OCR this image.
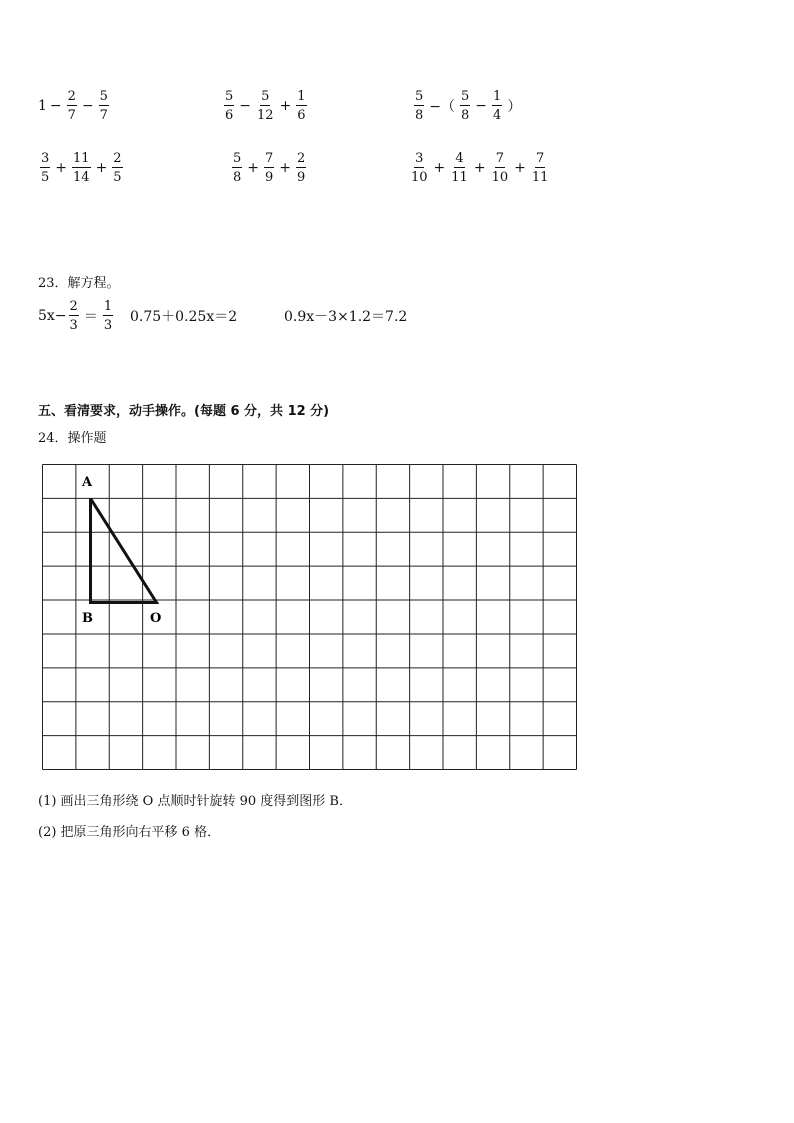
$1 - \frac{2}{7} - \frac{5}{7}$	$\frac{5}{6} - \frac{5}{12} + \frac{1}{6}$	$\frac{5}{8}$ −（ $\frac{5}{8} - \frac{1}{4}$ ）
$\frac{3}{5} + \frac{11}{14} + \frac{2}{5}$	$\frac{5}{8} + \frac{7}{9} + \frac{2}{9}$	$\frac{3}{10} + \frac{4}{11} + \frac{7}{10} + \frac{7}{11}$
23．解方程。
$5x- \frac{2}{3} = \frac{1}{3} 0.75+0.25x=2$	0.9x－3×1.2＝7.2
五、看清要求，动手操作。(每题 6 分，共 12 分)
24．操作题
A
B	O
(1) 画出三角形绕 O 点顺时针旋转 90 度得到图形 B．
(2) 把原三角形向右平移 6 格．
